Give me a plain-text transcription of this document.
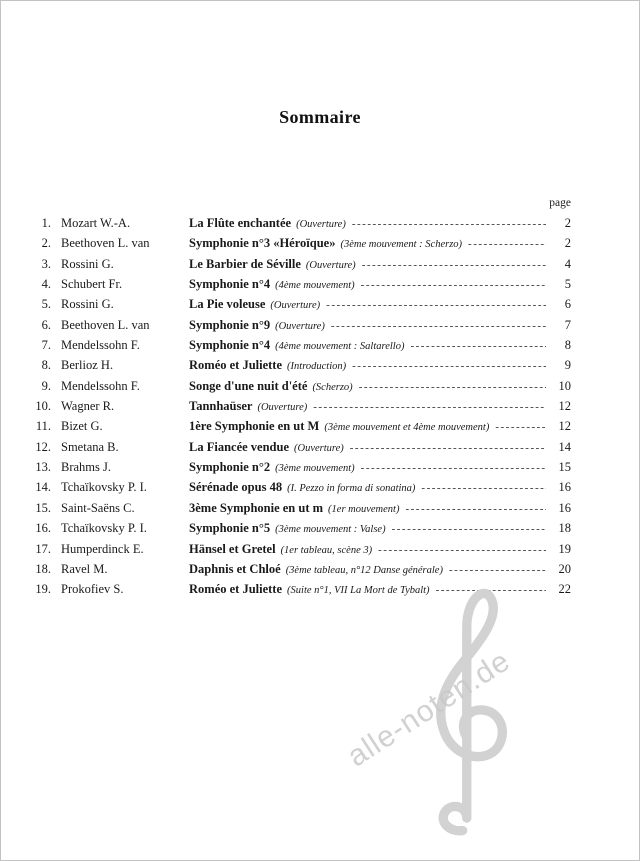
Sommaire
page
1. Mozart W.-A.	La Flûte enchantée (Ouverture) -----	2
2. Beethoven L. van	Symphonie n°3 «Héroïque» (3ème mouvement : Scherzo) -----	2
3. Rossini G.	Le Barbier de Séville (Ouverture) -----	4
4. Schubert Fr.	Symphonie n°4 (4ème mouvement) -----	5
5. Rossini G.	La Pie voleuse (Ouverture) -----	6
6. Beethoven L. van	Symphonie n°9 (Ouverture) -----	7
7. Mendelssohn F.	Symphonie n°4 (4ème mouvement : Saltarello) -----	8
8. Berlioz H.	Roméo et Juliette (Introduction) -----	9
9. Mendelssohn F.	Songe d'une nuit d'été (Scherzo) -----	10
10. Wagner R.	Tannhaüser (Ouverture) -----	12
11. Bizet G.	1ère Symphonie en ut M (3ème mouvement et 4ème mouvement) -----	12
12. Smetana B.	La Fiancée vendue (Ouverture) -----	14
13. Brahms J.	Symphonie n°2 (3ème mouvement) -----	15
14. Tchaïkovsky P. I.	Sérénade opus 48 (I. Pezzo in forma di sonatina) -----	16
15. Saint-Saëns C.	3ème Symphonie en ut m (1er mouvement) -----	16
16. Tchaïkovsky P. I.	Symphonie n°5 (3ème mouvement : Valse) -----	18
17. Humperdinck E.	Hänsel et Gretel (1er tableau, scène 3) -----	19
18. Ravel M.	Daphnis et Chloé (3ème tableau, n°12 Danse générale) -----	20
19. Prokofiev S.	Roméo et Juliette (Suite n°1, VII La Mort de Tybalt) -----	22
alle-noten.de
